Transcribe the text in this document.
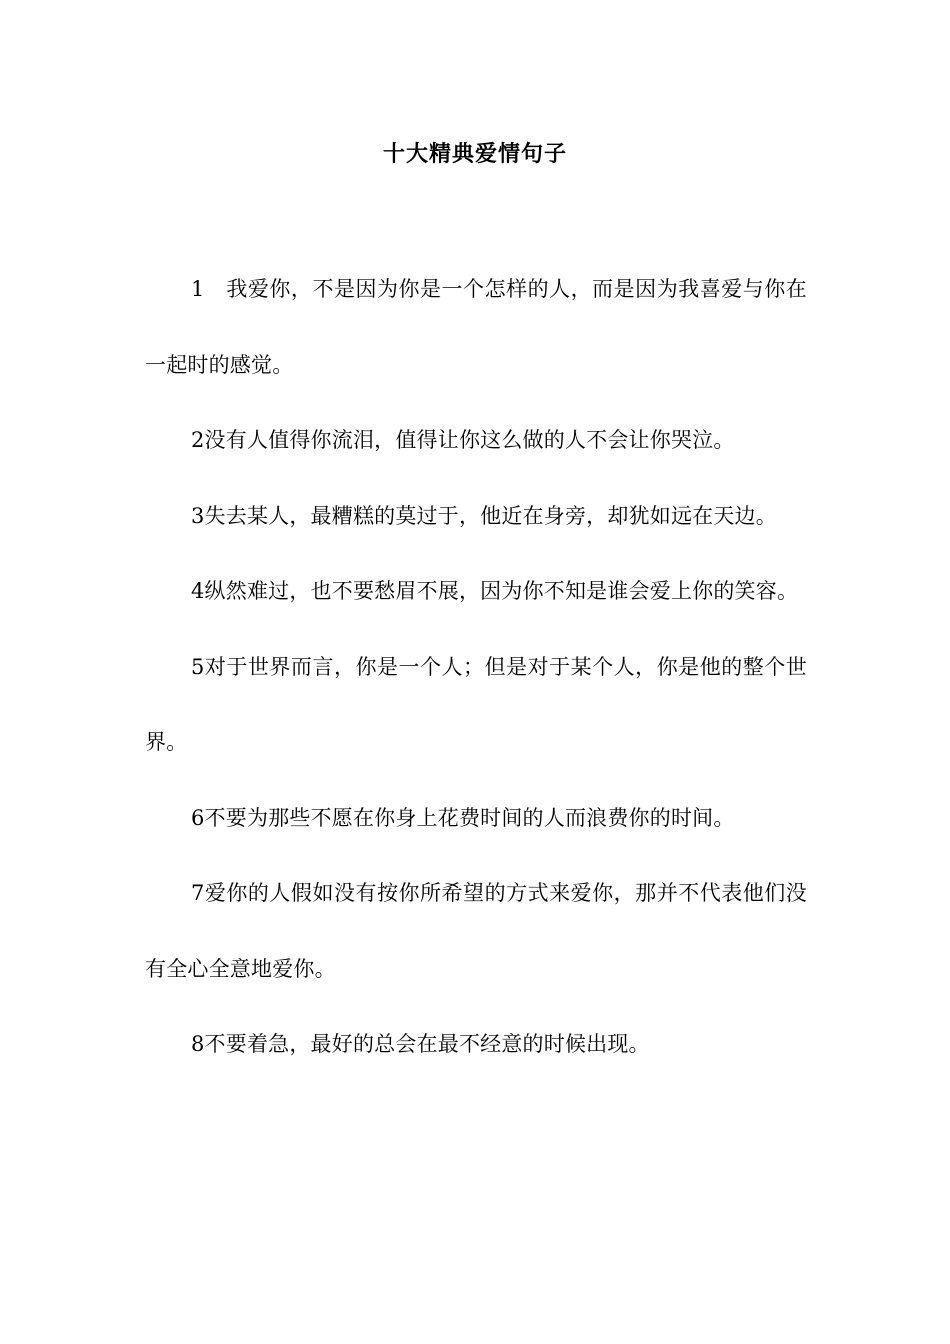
十大精典爱情句子

1　我爱你，不是因为你是一个怎样的人，而是因为我喜爱与你在一起时的感觉。

2没有人值得你流泪，值得让你这么做的人不会让你哭泣。

3失去某人，最糟糕的莫过于，他近在身旁，却犹如远在天边。

4纵然难过，也不要愁眉不展，因为你不知是谁会爱上你的笑容。

5对于世界而言，你是一个人；但是对于某个人，你是他的整个世界。

6不要为那些不愿在你身上花费时间的人而浪费你的时间。

7爱你的人假如没有按你所希望的方式来爱你，那并不代表他们没有全心全意地爱你。

8不要着急，最好的总会在最不经意的时候出现。
